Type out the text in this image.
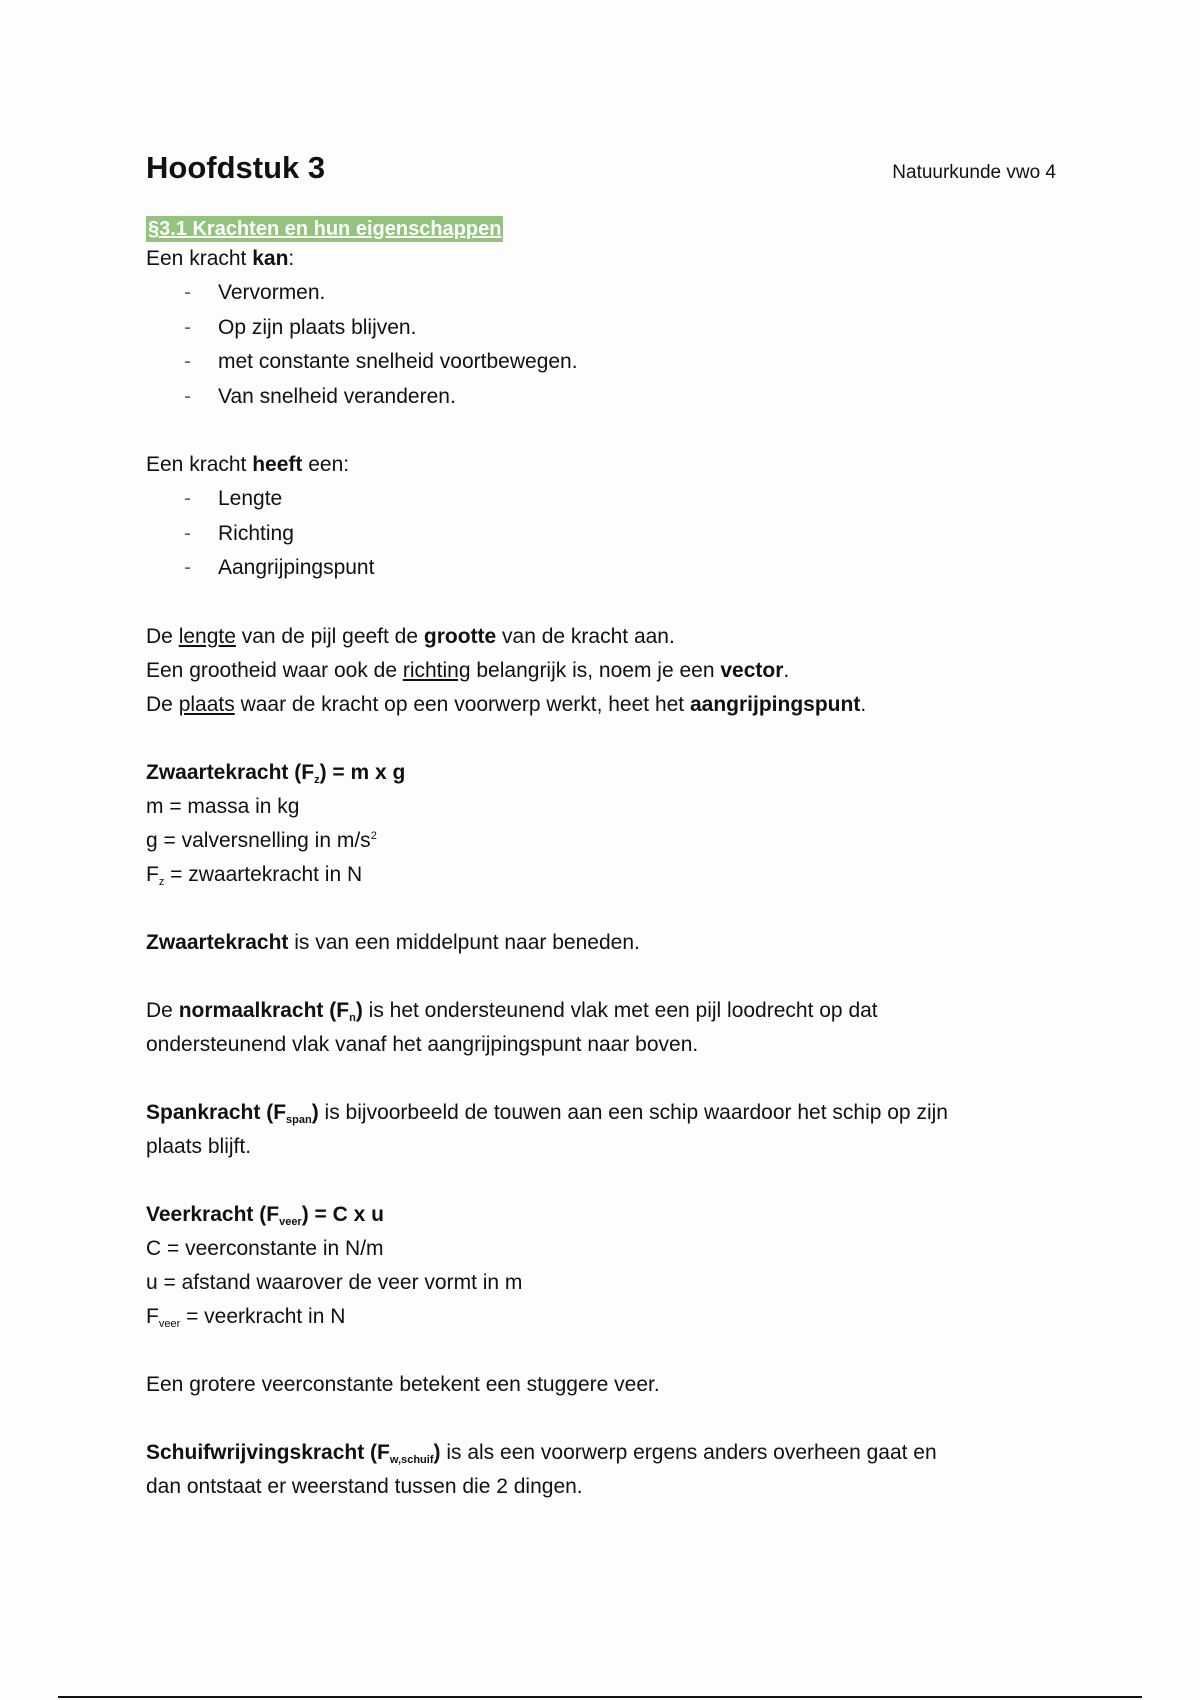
Hoofdstuk 3	Natuurkunde vwo 4
§3.1 Krachten en hun eigenschappen

Een kracht kan:

- Vervormen.
- Op zijn plaats blijven.
- met constante snelheid voortbewegen.
- Van snelheid veranderen.

Een kracht heeft een:

- Lengte
- Richting
- Aangrijpingspunt

De lengte van de pijl geeft de grootte van de kracht aan.

Een grootheid waar ook de richting belangrijk is, noem je een vector.

De plaats waar de kracht op een voorwerp werkt, heet het aangrijpingspunt.

Zwaartekracht $(F_z) = m$ x g

m = massa in kg

g = valversnelling in $m/s^2$

$F_z$ = zwaartekracht in N

Zwaartekracht is van een middelpunt naar beneden.

De normaalkracht $(F_n)$ is het ondersteunend vlak met een pijl loodrecht op dat

ondersteunend vlak vanaf het aangrijpingspunt naar boven.

Spankracht $(F_{span})$ is bijvoorbeeld de touwen aan een schip waardoor het schip op zijn

plaats blijft.

Veerkracht $(F_{veer}) = C$ x u

C = veerconstante in N/m

u = afstand waarover de veer vormt in m

$F_{veer}$ = veerkracht in N

Een grotere veerconstante betekent een stuggere veer.

Schuifwrijvingskracht $(F_{w,schuif})$ is als een voorwerp ergens anders overheen gaat en

dan ontstaat er weerstand tussen die 2 dingen.
